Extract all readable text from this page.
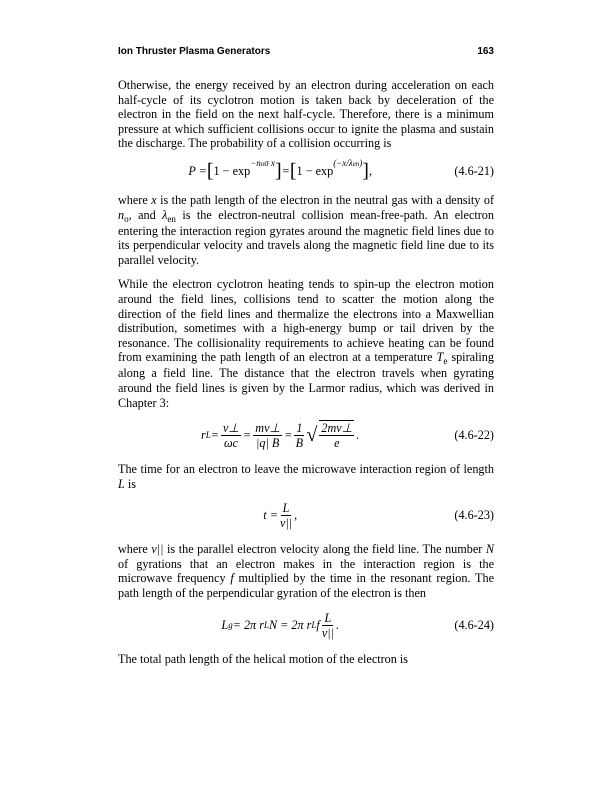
Ion Thruster Plasma Generators	163

Otherwise, the energy received by an electron during acceleration on each half-cycle of its cyclotron motion is taken back by deceleration of the electron in the field on the next half-cycle. Therefore, there is a minimum pressure at which sufficient collisions occur to ignite the plasma and sustain the discharge. The probability of a collision occurring is

P = [ 1 − exp
−noσ x ] = [ 1 − exp
(−x/λen) ] ,	(4.6-21)

where x is the path length of the electron in the neutral gas with a density of $n_o$, and $\lambda_{en}$ is the electron-neutral collision mean-free-path. An electron entering the interaction region gyrates around the magnetic field lines due to its perpendicular velocity and travels along the magnetic field line due to its parallel velocity.

While the electron cyclotron heating tends to spin-up the electron motion around the field lines, collisions tend to scatter the motion along the direction of the field lines and thermalize the electrons into a Maxwellian distribution, sometimes with a high-energy bump or tail driven by the resonance. The collisionality requirements to achieve heating can be found from examining the path length of an electron at a temperature $T_e$ spiraling along a field line. The distance that the electron travels when gyrating around the field lines is given by the Larmor radius, which was derived in Chapter 3:

r $L = \frac{v\perp}{\omega c} = \frac{mv\perp}{|q| B} = \frac{1}{B}$ √ $\frac{2mv\perp}{e}$ .	(4.6-22)

The time for an electron to leave the microwave interaction region of length L is

$t = \frac{L}{v||}$ ,	(4.6-23)

where v|| is the parallel electron velocity along the field line. The number N of gyrations that an electron makes in the interaction region is the microwave frequency f multiplied by the time in the resonant region. The path length of the perpendicular gyration of the electron is then

L g = 2π r L N = 2π r L f $\frac{L}{v||}$ .	(4.6-24)

The total path length of the helical motion of the electron is
